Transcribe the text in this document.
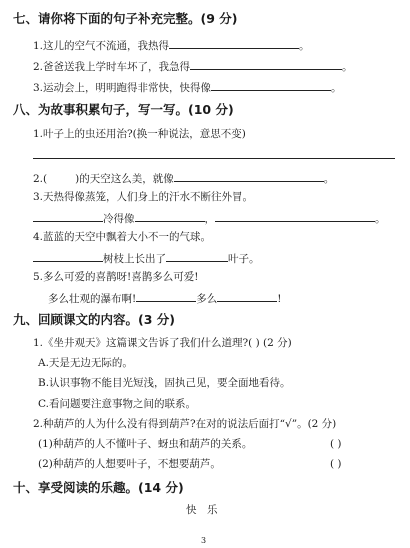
七、请你将下面的句子补充完整。(9 分)
1.这儿的空气不流通，我热得	。
2.爸爸送我上学时车坏了，我急得	。
3.运动会上，明明跑得非常快，快得像	。
八、为故事积累句子，写一写。(10 分)
1.叶子上的虫还用治?(换一种说法，意思不变)
2.(	)的天空这么美，就像	。
3.天热得像蒸笼，人们身上的汗水不断往外冒。
冷得像	，	。
4.蓝蓝的天空中飘着大小不一的气球。
树枝上长出了	叶子。
5.多么可爱的喜鹊呀!喜鹊多么可爱!
多么壮观的瀑布啊!	多么	!
九、回顾课文的内容。(3 分)
1.《坐井观天》这篇课文告诉了我们什么道理?( ) (2 分)
A.天是无边无际的。
B.认识事物不能目光短浅，固执己见，要全面地看待。
C.看问题要注意事物之间的联系。
2.种葫芦的人为什么没有得到葫芦?在对的说法后面打“√”。(2 分)
(1)种葫芦的人不懂叶子、蚜虫和葫芦的关系。	( )
(2)种葫芦的人想要叶子，不想要葫芦。	( )
十、享受阅读的乐趣。(14 分)
快　乐
3
